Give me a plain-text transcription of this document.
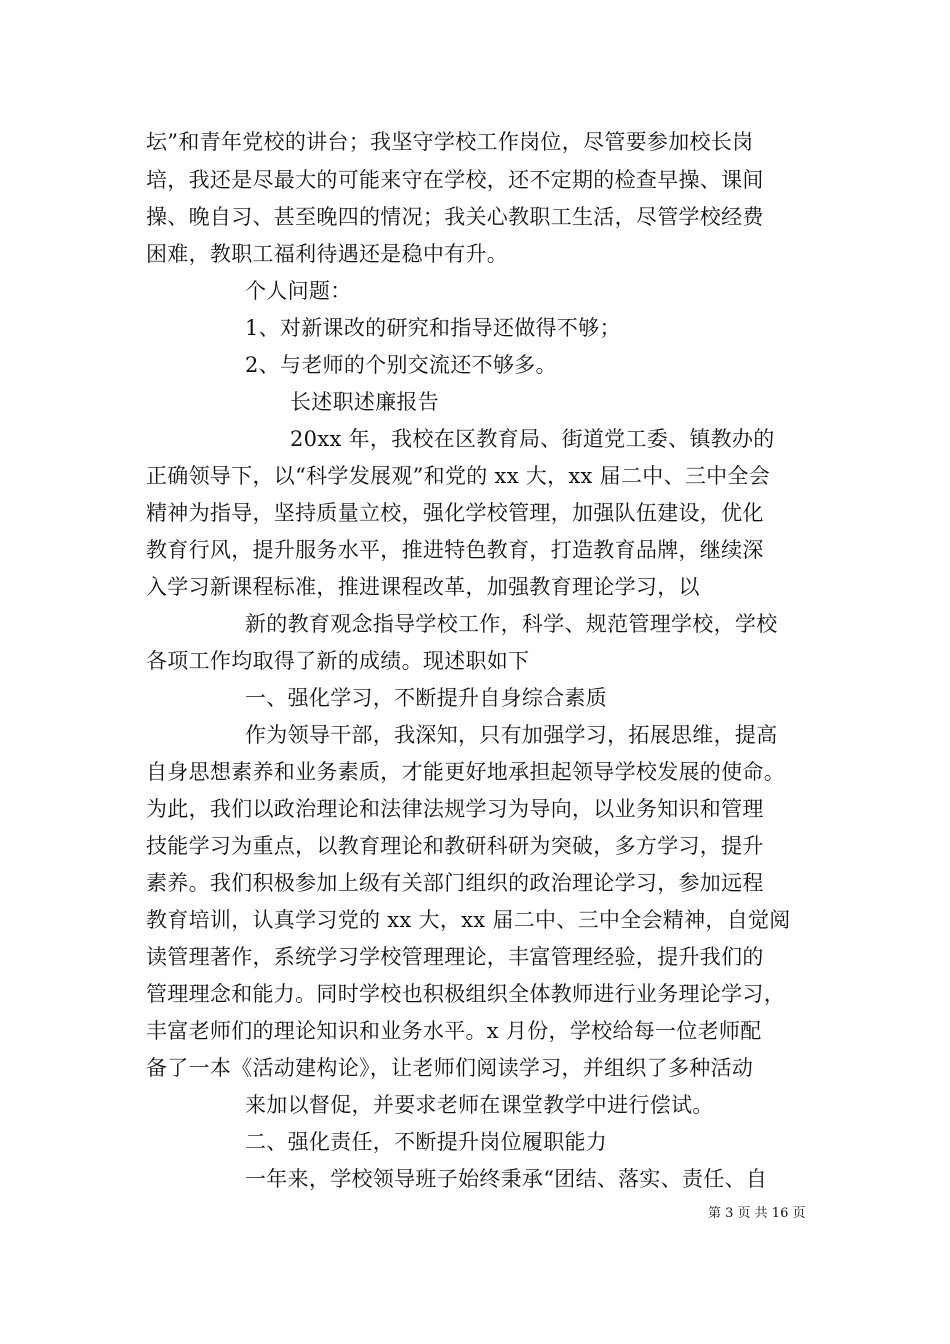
坛”和青年党校的讲台；我坚守学校工作岗位，尽管要参加校长岗
培，我还是尽最大的可能来守在学校，还不定期的检查早操、课间
操、晚自习、甚至晚四的情况；我关心教职工生活，尽管学校经费
困难，教职工福利待遇还是稳中有升。
个人问题：
1、对新课改的研究和指导还做得不够；
2、与老师的个别交流还不够多。
长述职述廉报告
20xx 年，我校在区教育局、街道党工委、镇教办的
正确领导下，以“科学发展观”和党的 xx 大，xx 届二中、三中全会
精神为指导，坚持质量立校，强化学校管理，加强队伍建设，优化
教育行风，提升服务水平，推进特色教育，打造教育品牌，继续深
入学习新课程标准，推进课程改革，加强教育理论学习，以
新的教育观念指导学校工作，科学、规范管理学校，学校
各项工作均取得了新的成绩。现述职如下
一、强化学习，不断提升自身综合素质
作为领导干部，我深知，只有加强学习，拓展思维，提高
自身思想素养和业务素质，才能更好地承担起领导学校发展的使命。
为此，我们以政治理论和法律法规学习为导向，以业务知识和管理
技能学习为重点，以教育理论和教研科研为突破，多方学习，提升
素养。我们积极参加上级有关部门组织的政治理论学习，参加远程
教育培训，认真学习党的 xx 大，xx 届二中、三中全会精神，自觉阅
读管理著作，系统学习学校管理理论，丰富管理经验，提升我们的
管理理念和能力。同时学校也积极组织全体教师进行业务理论学习，
丰富老师们的理论知识和业务水平。x 月份，学校给每一位老师配
备了一本《活动建构论》，让老师们阅读学习，并组织了多种活动
来加以督促，并要求老师在课堂教学中进行偿试。
二、强化责任，不断提升岗位履职能力
一年来，学校领导班子始终秉承“团结、落实、责任、自
第 3 页 共 16 页
